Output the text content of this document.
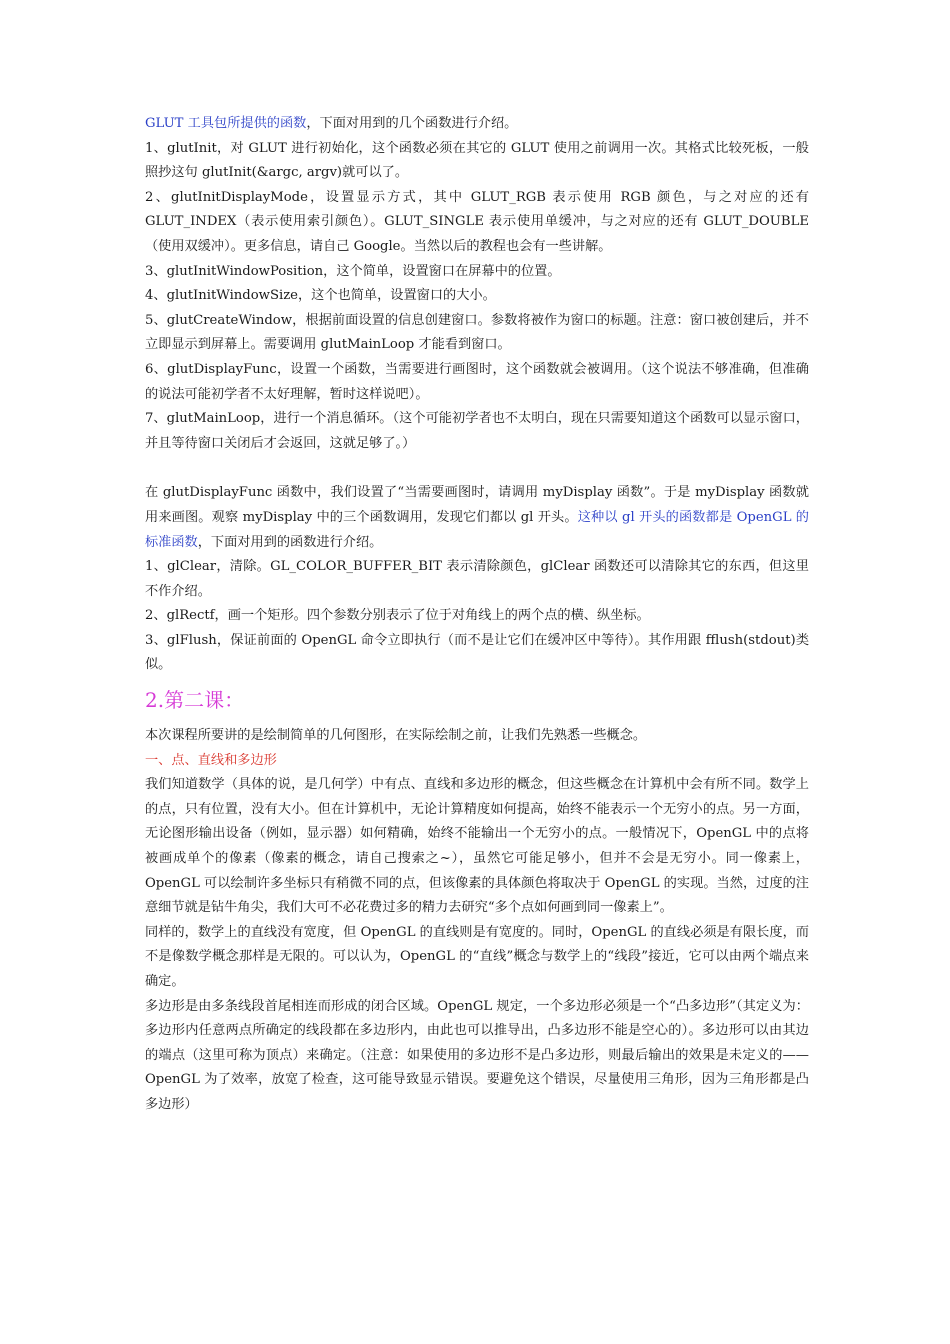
GLUT 工具包所提供的函数，下面对用到的几个函数进行介绍。

1、glutInit，对 GLUT 进行初始化，这个函数必须在其它的 GLUT 使用之前调用一次。其格式比较死板，一般照抄这句 glutInit(&argc, argv)就可以了。

2、glutInitDisplayMode，设置显示方式，其中 GLUT_RGB 表示使用 RGB 颜色，与之对应的还有 GLUT_INDEX（表示使用索引颜色）。GLUT_SINGLE 表示使用单缓冲，与之对应的还有 GLUT_DOUBLE（使用双缓冲）。更多信息，请自己 Google。当然以后的教程也会有一些讲解。

3、glutInitWindowPosition，这个简单，设置窗口在屏幕中的位置。

4、glutInitWindowSize，这个也简单，设置窗口的大小。

5、glutCreateWindow，根据前面设置的信息创建窗口。参数将被作为窗口的标题。注意：窗口被创建后，并不立即显示到屏幕上。需要调用 glutMainLoop 才能看到窗口。

6、glutDisplayFunc，设置一个函数，当需要进行画图时，这个函数就会被调用。（这个说法不够准确，但准确的说法可能初学者不太好理解，暂时这样说吧）。

7、glutMainLoop，进行一个消息循环。（这个可能初学者也不太明白，现在只需要知道这个函数可以显示窗口，并且等待窗口关闭后才会返回，这就足够了。）

在 glutDisplayFunc 函数中，我们设置了“当需要画图时，请调用 myDisplay 函数”。于是 myDisplay 函数就用来画图。观察 myDisplay 中的三个函数调用，发现它们都以 gl 开头。这种以 gl 开头的函数都是 OpenGL 的标准函数，下面对用到的函数进行介绍。

1、glClear，清除。GL_COLOR_BUFFER_BIT 表示清除颜色，glClear 函数还可以清除其它的东西，但这里不作介绍。

2、glRectf，画一个矩形。四个参数分别表示了位于对角线上的两个点的横、纵坐标。

3、glFlush，保证前面的 OpenGL 命令立即执行（而不是让它们在缓冲区中等待）。其作用跟 fflush(stdout)类似。

2.第二课：

本次课程所要讲的是绘制简单的几何图形，在实际绘制之前，让我们先熟悉一些概念。

一、点、直线和多边形

我们知道数学（具体的说，是几何学）中有点、直线和多边形的概念，但这些概念在计算机中会有所不同。数学上的点，只有位置，没有大小。但在计算机中，无论计算精度如何提高，始终不能表示一个无穷小的点。另一方面，无论图形输出设备（例如，显示器）如何精确，始终不能输出一个无穷小的点。一般情况下，OpenGL 中的点将被画成单个的像素（像素的概念，请自己搜索之~），虽然它可能足够小，但并不会是无穷小。同一像素上，OpenGL 可以绘制许多坐标只有稍微不同的点，但该像素的具体颜色将取决于 OpenGL 的实现。当然，过度的注意细节就是钻牛角尖，我们大可不必花费过多的精力去研究“多个点如何画到同一像素上”。

同样的，数学上的直线没有宽度，但 OpenGL 的直线则是有宽度的。同时，OpenGL 的直线必须是有限长度，而不是像数学概念那样是无限的。可以认为，OpenGL 的“直线”概念与数学上的“线段”接近，它可以由两个端点来确定。

多边形是由多条线段首尾相连而形成的闭合区域。OpenGL 规定，一个多边形必须是一个“凸多边形”（其定义为：多边形内任意两点所确定的线段都在多边形内，由此也可以推导出，凸多边形不能是空心的）。多边形可以由其边的端点（这里可称为顶点）来确定。（注意：如果使用的多边形不是凸多边形，则最后输出的效果是未定义的——OpenGL 为了效率，放宽了检查，这可能导致显示错误。要避免这个错误，尽量使用三角形，因为三角形都是凸多边形）
